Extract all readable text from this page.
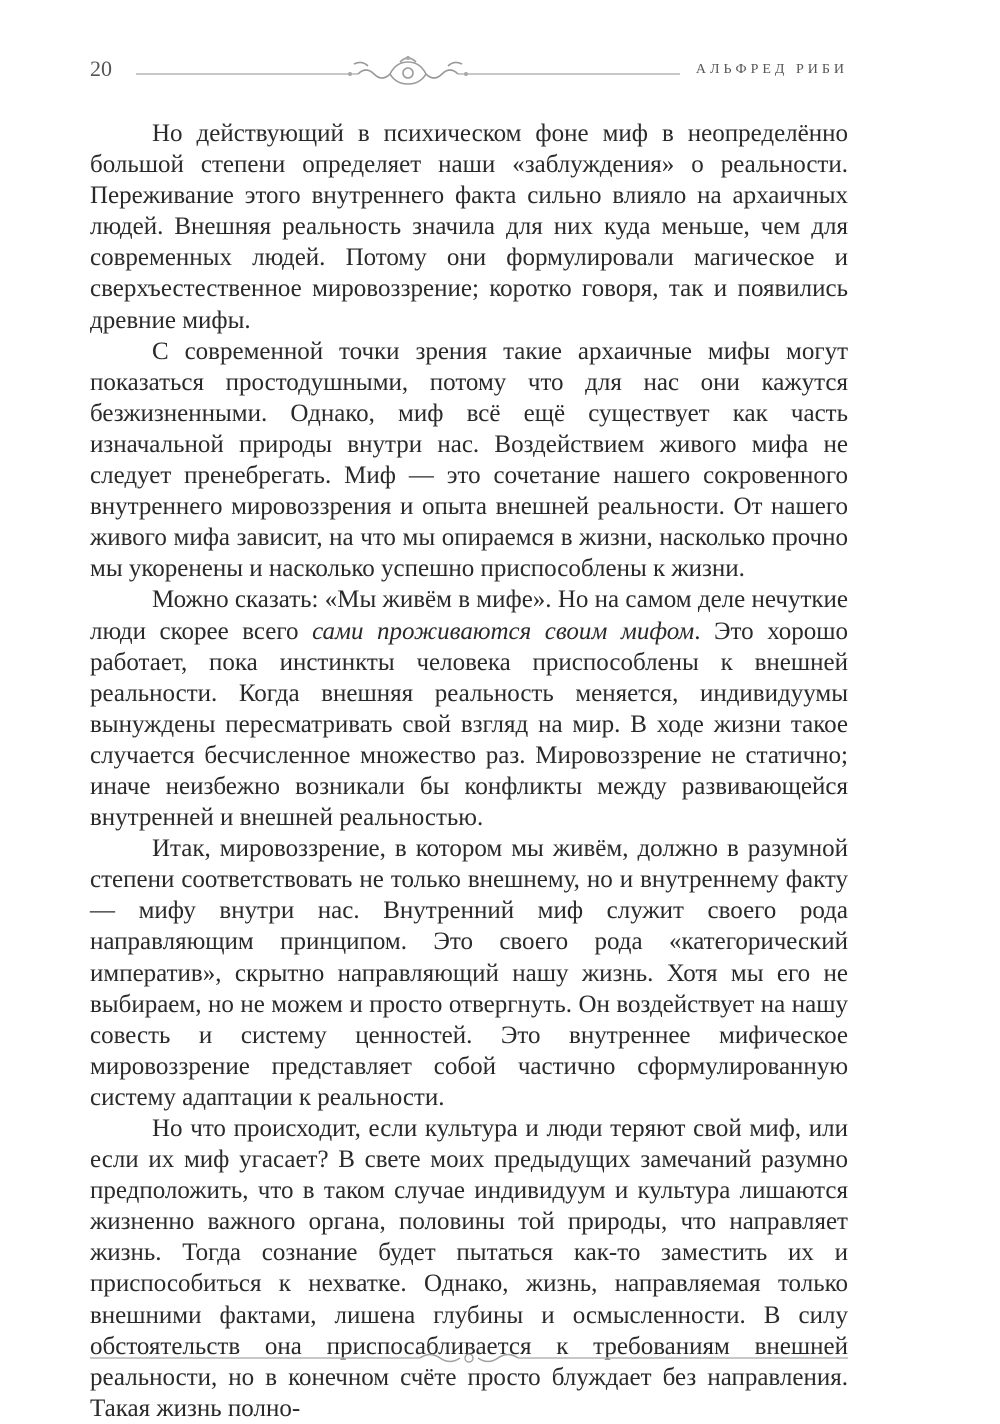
20	АЛЬФРЕД РИБИ

Но действующий в психическом фоне миф в неопределённо большой степени определяет наши «заблуждения» о реальности. Переживание этого внутреннего факта сильно влияло на архаичных людей. Внешняя реальность значила для них куда меньше, чем для современных людей. Потому они формулировали магическое и сверхъестественное мировоззрение; коротко говоря, так и появились древние мифы.

С современной точки зрения такие архаичные мифы могут показаться простодушными, потому что для нас они кажутся безжизненными. Однако, миф всё ещё существует как часть изначальной природы внутри нас. Воздействием живого мифа не следует пренебрегать. Миф — это сочетание нашего сокровенного внутреннего мировоззрения и опыта внешней реальности. От нашего живого мифа зависит, на что мы опираемся в жизни, насколько прочно мы укоренены и насколько успешно приспособлены к жизни.

Можно сказать: «Мы живём в мифе». Но на самом деле нечуткие люди скорее всего сами проживаются своим мифом. Это хорошо работает, пока инстинкты человека приспособлены к внешней реальности. Когда внешняя реальность меняется, индивидуумы вынуждены пересматривать свой взгляд на мир. В ходе жизни такое случается бесчисленное множество раз. Мировоззрение не статично; иначе неизбежно возникали бы конфликты между развивающейся внутренней и внешней реальностью.

Итак, мировоззрение, в котором мы живём, должно в разумной степени соответствовать не только внешнему, но и внутреннему факту — мифу внутри нас. Внутренний миф служит своего рода направляющим принципом. Это своего рода «категорический императив», скрытно направляющий нашу жизнь. Хотя мы его не выбираем, но не можем и просто отвергнуть. Он воздействует на нашу совесть и систему ценностей. Это внутреннее мифическое мировоззрение представляет собой частично сформулированную систему адаптации к реальности.

Но что происходит, если культура и люди теряют свой миф, или если их миф угасает? В свете моих предыдущих замечаний разумно предположить, что в таком случае индивидуум и культура лишаются жизненно важного органа, половины той природы, что направляет жизнь. Тогда сознание будет пытаться как-то заместить их и приспособиться к нехватке. Однако, жизнь, направляемая только внешними фактами, лишена глубины и осмысленности. В силу обстоятельств она приспосабливается к требованиям внешней реальности, но в конечном счёте просто блуждает без направления. Такая жизнь полно-
